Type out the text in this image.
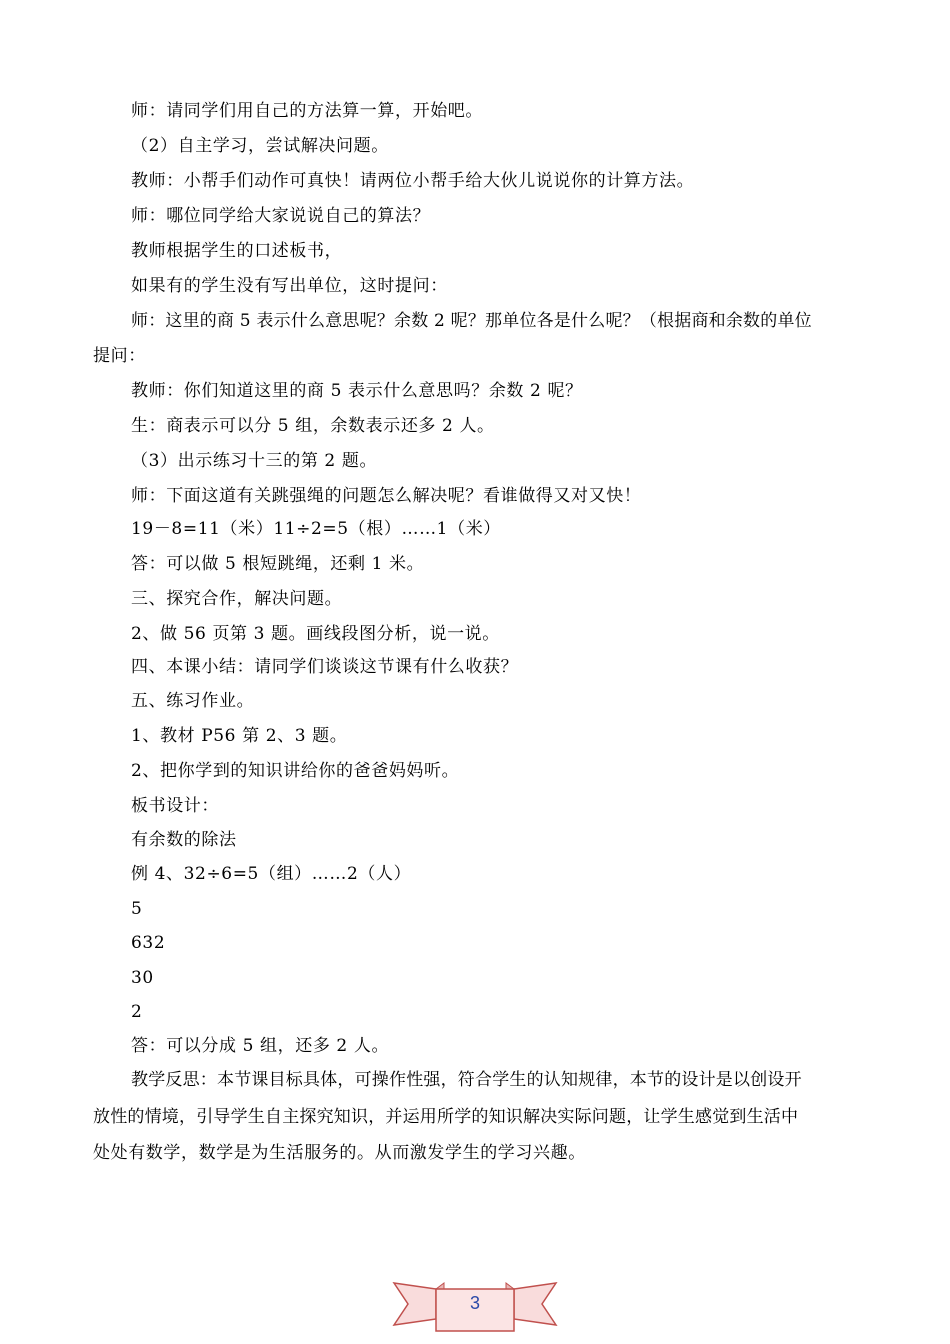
师：请同学们用自己的方法算一算，开始吧。
（2）自主学习，尝试解决问题。
教师：小帮手们动作可真快！请两位小帮手给大伙儿说说你的计算方法。
师：哪位同学给大家说说自己的算法？
教师根据学生的口述板书，
如果有的学生没有写出单位，这时提问：
师：这里的商 5 表示什么意思呢？余数 2 呢？那单位各是什么呢？（根据商和余数的单位
提问：
教师：你们知道这里的商 5 表示什么意思吗？余数 2 呢？
生：商表示可以分 5 组，余数表示还多 2 人。
（3）出示练习十三的第 2 题。
师：下面这道有关跳强绳的问题怎么解决呢？看谁做得又对又快！
19－8=11（米）11÷2=5（根）……1（米）
答：可以做 5 根短跳绳，还剩 1 米。
三、探究合作，解决问题。
2、做 56 页第 3 题。画线段图分析，说一说。
四、本课小结：请同学们谈谈这节课有什么收获？
五、练习作业。
1、教材 P56 第 2、3 题。
2、把你学到的知识讲给你的爸爸妈妈听。
板书设计：
有余数的除法
例 4、32÷6=5（组）……2（人）
5
632
30
2
答：可以分成 5 组，还多 2 人。
教学反思：本节课目标具体，可操作性强，符合学生的认知规律，本节的设计是以创设开
放性的情境，引导学生自主探究知识，并运用所学的知识解决实际问题，让学生感觉到生活中
处处有数学，数学是为生活服务的。从而激发学生的学习兴趣。
3
